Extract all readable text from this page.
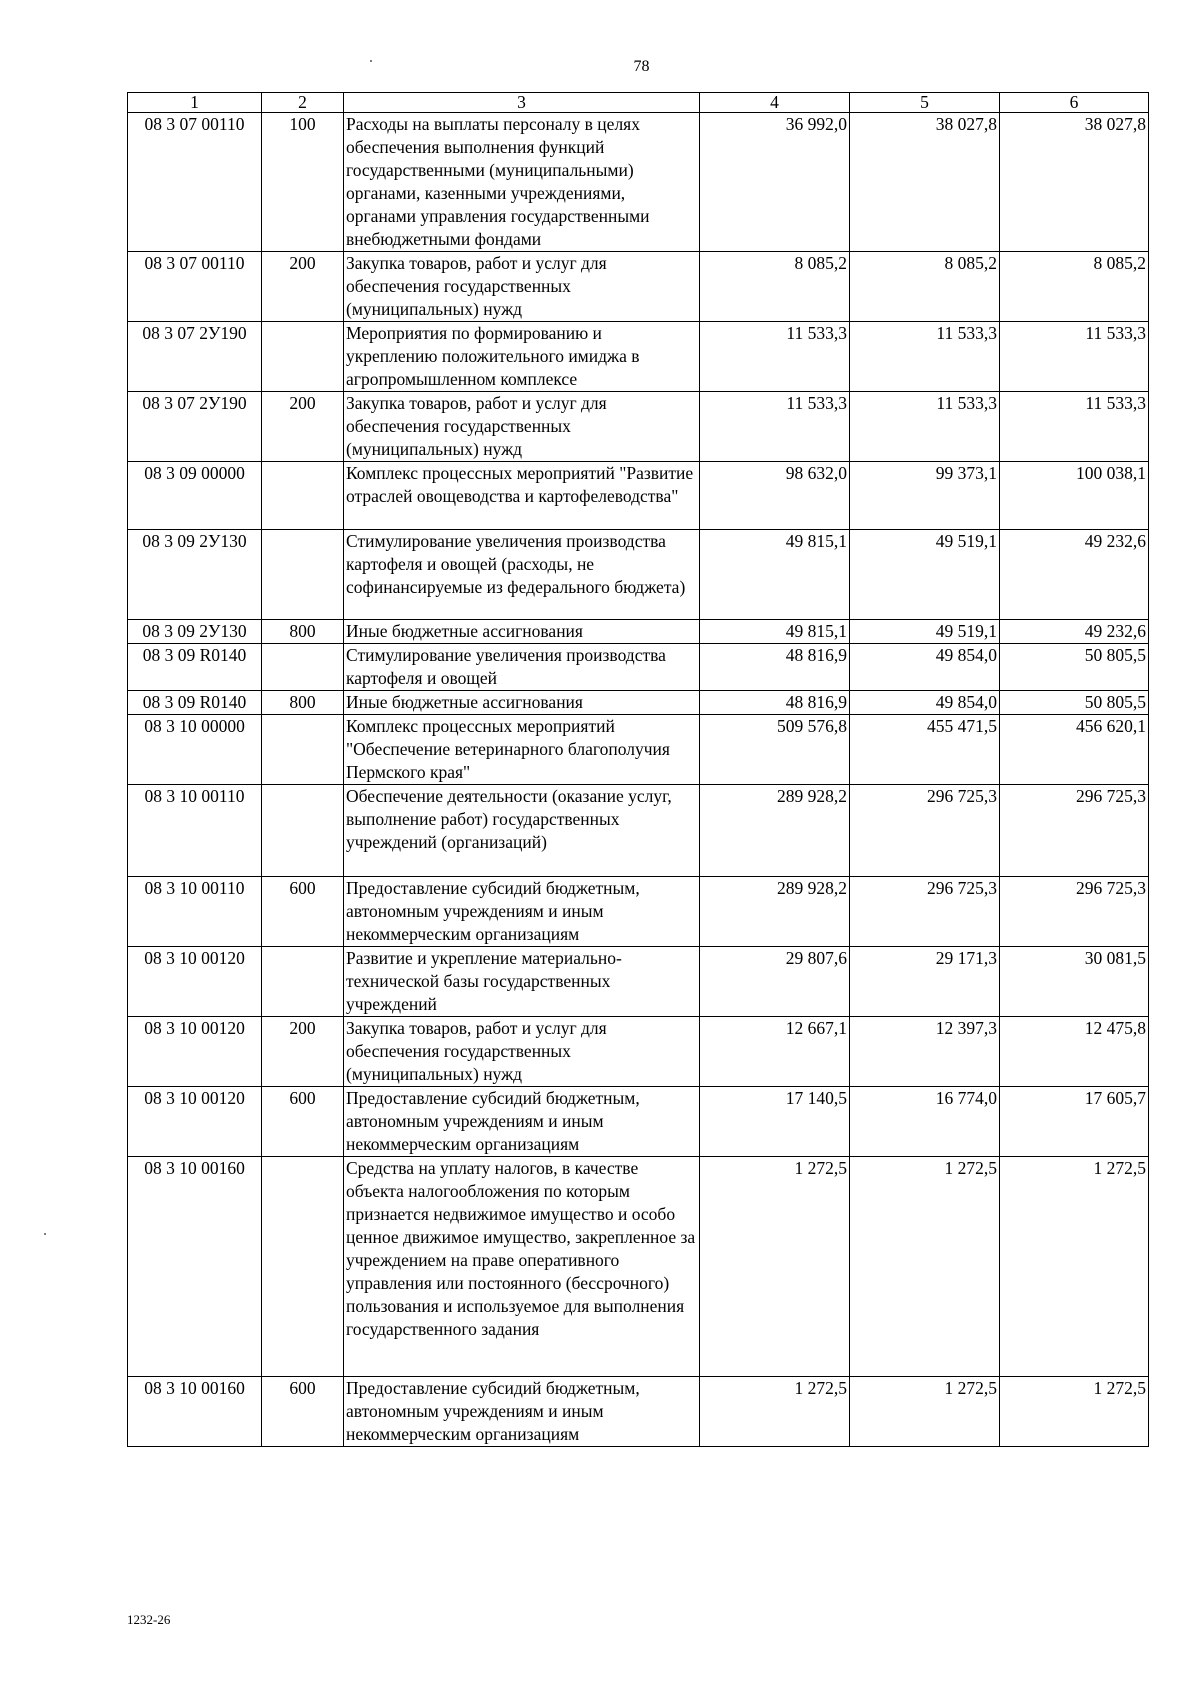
78
1	2	3	4	5	6
08 3 07 00110	100	Расходы на выплаты персоналу в целях обеспечения выполнения функций государственными (муниципальными) органами, казенными учреждениями, органами управления государственными внебюджетными фондами	36 992,0	38 027,8	38 027,8
08 3 07 00110	200	Закупка товаров, работ и услуг для обеспечения государственных (муниципальных) нужд	8 085,2	8 085,2	8 085,2
08 3 07 2У190		Мероприятия по формированию и укреплению положительного имиджа в агропромышленном комплексе	11 533,3	11 533,3	11 533,3
08 3 07 2У190	200	Закупка товаров, работ и услуг для обеспечения государственных (муниципальных) нужд	11 533,3	11 533,3	11 533,3
08 3 09 00000		Комплекс процессных мероприятий "Развитие отраслей овощеводства и картофелеводства"	98 632,0	99 373,1	100 038,1
08 3 09 2У130		Стимулирование увеличения производства картофеля и овощей (расходы, не софинансируемые из федерального бюджета)	49 815,1	49 519,1	49 232,6
08 3 09 2У130	800	Иные бюджетные ассигнования	49 815,1	49 519,1	49 232,6
08 3 09 R0140		Стимулирование увеличения производства картофеля и овощей	48 816,9	49 854,0	50 805,5
08 3 09 R0140	800	Иные бюджетные ассигнования	48 816,9	49 854,0	50 805,5
08 3 10 00000		Комплекс процессных мероприятий "Обеспечение ветеринарного благополучия Пермского края"	509 576,8	455 471,5	456 620,1
08 3 10 00110		Обеспечение деятельности (оказание услуг, выполнение работ) государственных учреждений (организаций)	289 928,2	296 725,3	296 725,3
08 3 10 00110	600	Предоставление субсидий бюджетным, автономным учреждениям и иным некоммерческим организациям	289 928,2	296 725,3	296 725,3
08 3 10 00120		Развитие и укрепление материально-технической базы государственных учреждений	29 807,6	29 171,3	30 081,5
08 3 10 00120	200	Закупка товаров, работ и услуг для обеспечения государственных (муниципальных) нужд	12 667,1	12 397,3	12 475,8
08 3 10 00120	600	Предоставление субсидий бюджетным, автономным учреждениям и иным некоммерческим организациям	17 140,5	16 774,0	17 605,7
08 3 10 00160		Средства на уплату налогов, в качестве объекта налогообложения по которым признается недвижимое имущество и особо ценное движимое имущество, закрепленное за учреждением на праве оперативного управления или постоянного (бессрочного) пользования и используемое для выполнения государственного задания	1 272,5	1 272,5	1 272,5
08 3 10 00160	600	Предоставление субсидий бюджетным, автономным учреждениям и иным некоммерческим организациям	1 272,5	1 272,5	1 272,5
1232-26
